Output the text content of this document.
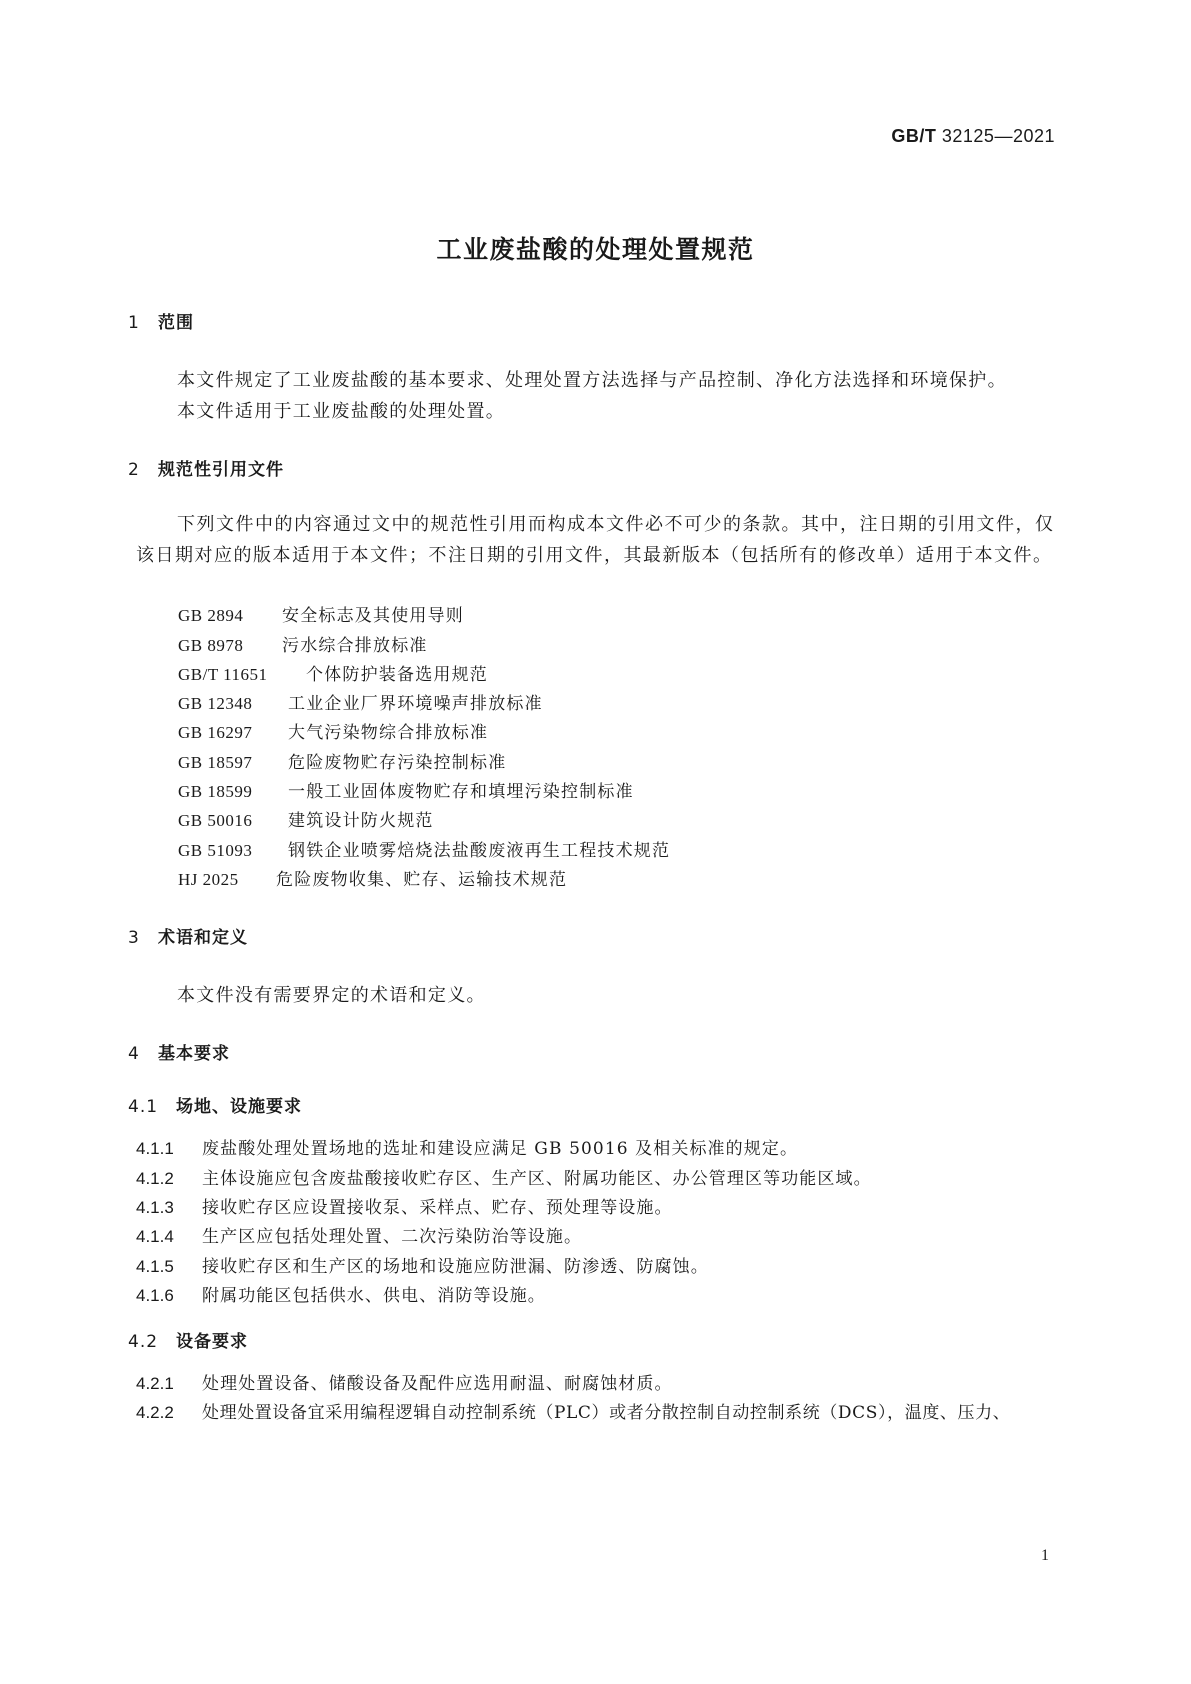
GB/T 32125—2021
工业废盐酸的处理处置规范
1 范围
本文件规定了工业废盐酸的基本要求、处理处置方法选择与产品控制、净化方法选择和环境保护。
本文件适用于工业废盐酸的处理处置。
2 规范性引用文件
下列文件中的内容通过文中的规范性引用而构成本文件必不可少的条款。其中，注日期的引用文件，仅该日期对应的版本适用于本文件；不注日期的引用文件，其最新版本（包括所有的修改单）适用于本文件。
GB 2894 安全标志及其使用导则
GB 8978 污水综合排放标准
GB/T 11651 个体防护装备选用规范
GB 12348 工业企业厂界环境噪声排放标准
GB 16297 大气污染物综合排放标准
GB 18597 危险废物贮存污染控制标准
GB 18599 一般工业固体废物贮存和填埋污染控制标准
GB 50016 建筑设计防火规范
GB 51093 钢铁企业喷雾焙烧法盐酸废液再生工程技术规范
HJ 2025 危险废物收集、贮存、运输技术规范
3 术语和定义
本文件没有需要界定的术语和定义。
4 基本要求
4.1 场地、设施要求
4.1.1 废盐酸处理处置场地的选址和建设应满足 GB 50016 及相关标准的规定。
4.1.2 主体设施应包含废盐酸接收贮存区、生产区、附属功能区、办公管理区等功能区域。
4.1.3 接收贮存区应设置接收泵、采样点、贮存、预处理等设施。
4.1.4 生产区应包括处理处置、二次污染防治等设施。
4.1.5 接收贮存区和生产区的场地和设施应防泄漏、防渗透、防腐蚀。
4.1.6 附属功能区包括供水、供电、消防等设施。
4.2 设备要求
4.2.1 处理处置设备、储酸设备及配件应选用耐温、耐腐蚀材质。
4.2.2 处理处置设备宜采用编程逻辑自动控制系统（PLC）或者分散控制自动控制系统（DCS），温度、压力、
1
